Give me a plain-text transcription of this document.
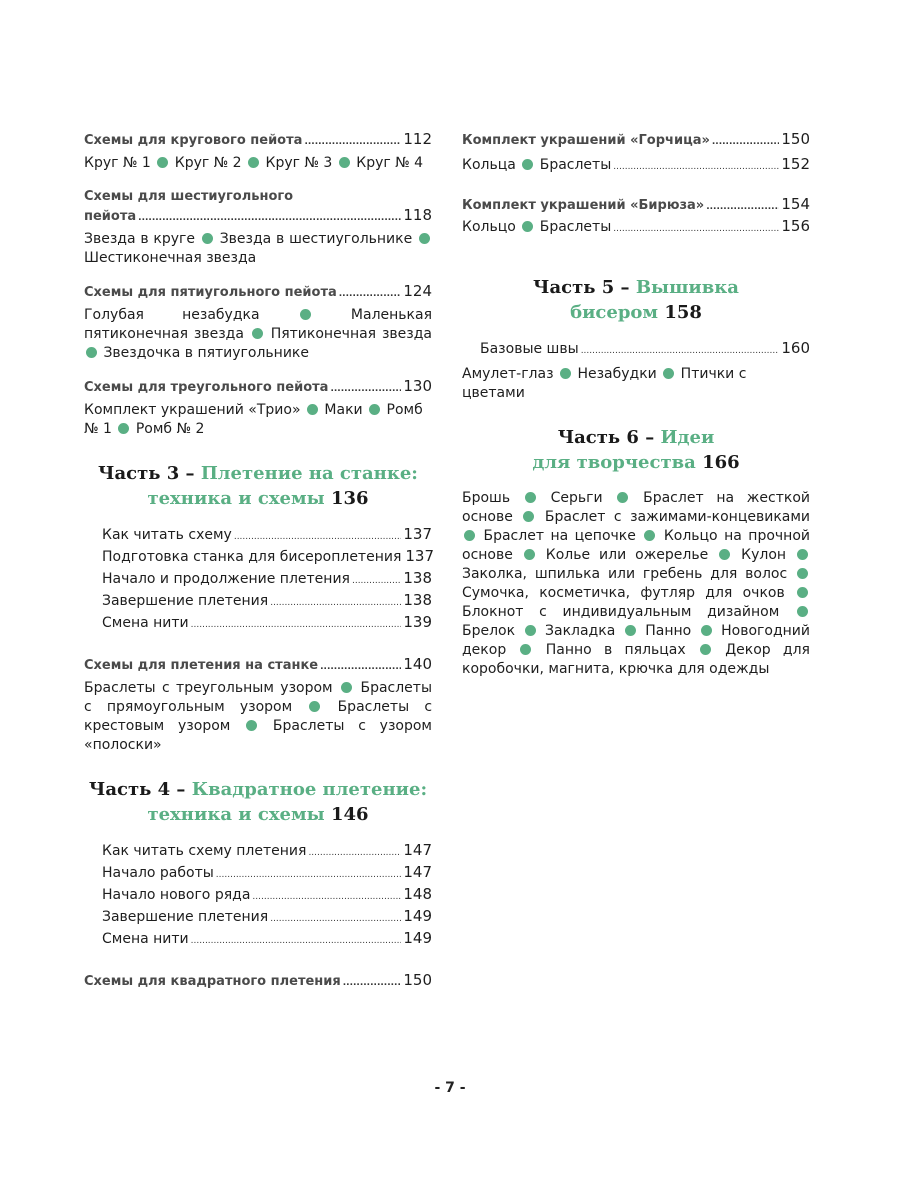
Схемы для кругового пейота .....	112
Круг № 1 Круг № 2 Круг № 3 Круг № 4
Схемы для шестиугольного
пейота .....	118
Звезда в круге Звезда в шестиугольнике  Шестиконечная звезда
Схемы для пятиугольного пейота .....	124
Голубая незабудка	Маленькая пятиконечная звезда Пятиконечная звезда  Звездочка в пятиугольнике
Схемы для треугольного пейота .....	130
Комплект украшений «Трио» Маки Ромб № 1 Ромб № 2
Часть 3 – Плетение на станке:
техника и схемы 136
Как читать схему .....	137
Подготовка станка для бисероплетения 137
Начало и продолжение плетения .....	138
Завершение плетения .....	138
Смена нити .....	139
Схемы для плетения на станке .....	140
Браслеты с треугольным узором Браслеты с прямоугольным узором	Браслеты с крестовым узором	Браслеты с узором «полоски»
Часть 4 – Квадратное плетение:
техника и схемы 146
Как читать схему плетения .....	147
Начало работы .....	147
Начало нового ряда .....	148
Завершение плетения .....	149
Смена нити .....	149
Схемы для квадратного плетения .....	150
Комплект украшений «Горчица» .....	150
Кольца Браслеты .....	152
Комплект украшений «Бирюза» .....	154
Кольцо Браслеты .....	156
Часть 5 – Вышивка
бисером 158
Базовые швы .....	160
Амулет-глаз Незабудки Птички с цветами
Часть 6 – Идеи
для творчества 166
Брошь	Серьги	Браслет на жесткой основе Браслет с зажимами-концевиками  Браслет на цепочке Кольцо на прочной основе Колье или ожерелье Кулон  Заколка, шпилька или гребень для волос  Сумочка, косметичка, футляр для очков  Блокнот с индивидуальным дизайном  Брелок Закладка Панно Новогодний декор	Панно в пяльцах	Декор для коробочки, магнита, крючка для одежды
- 7 -
